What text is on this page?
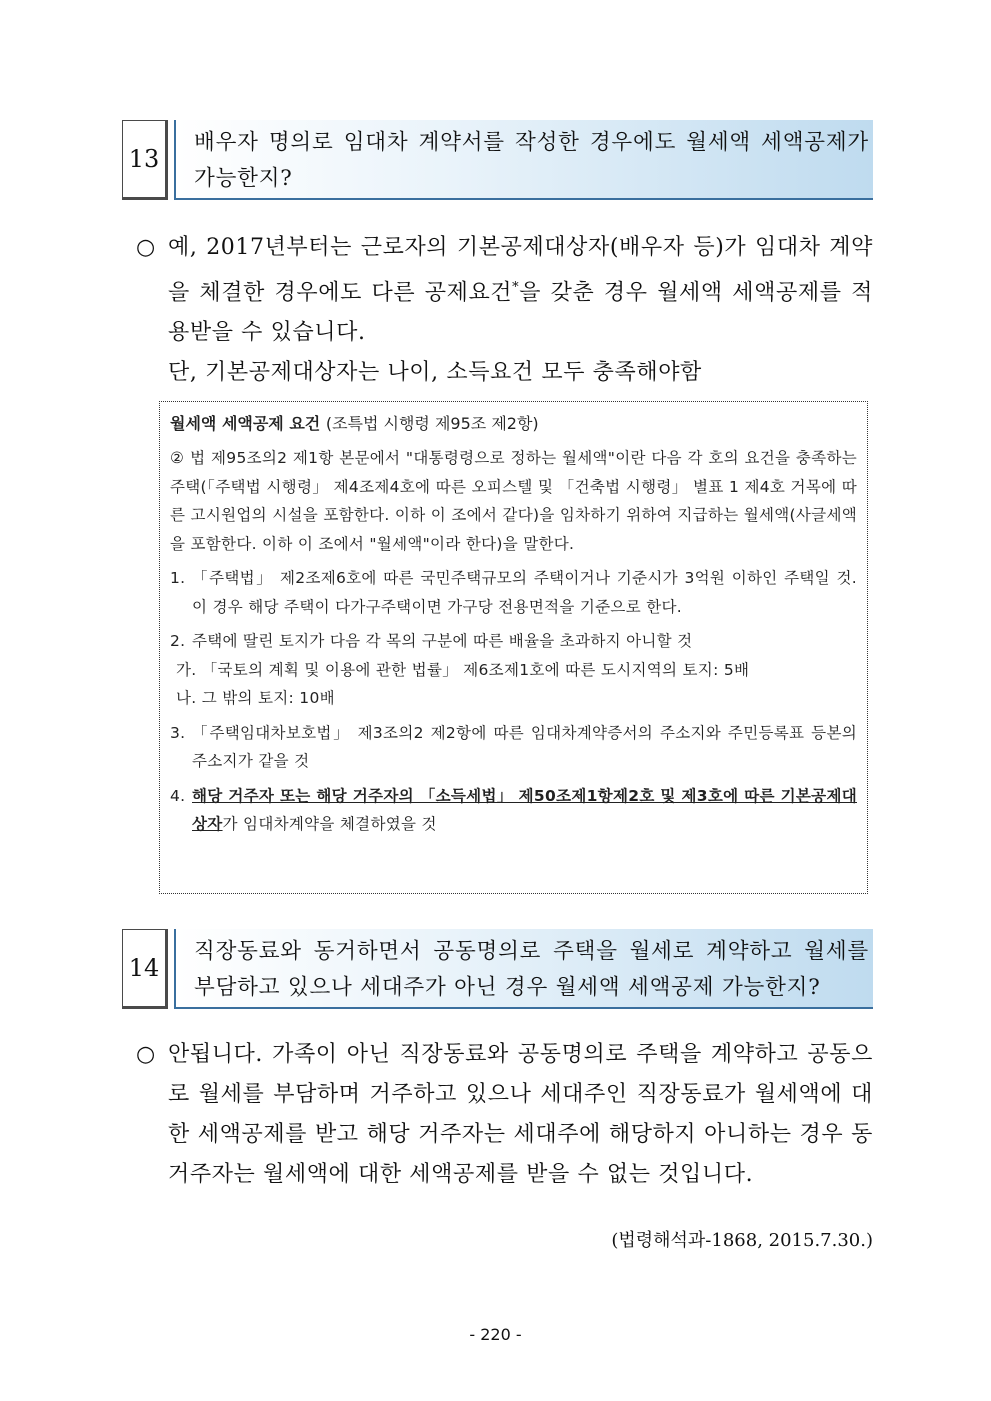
13
배우자 명의로 임대차 계약서를 작성한 경우에도 월세액 세액공제가 가능한지?
○ 예, 2017년부터는 근로자의 기본공제대상자(배우자 등)가 임대차 계약을 체결한 경우에도 다른 공제요건*을 갖춘 경우 월세액 세액공제를 적용받을 수 있습니다.
단, 기본공제대상자는 나이, 소득요건 모두 충족해야함
월세액 세액공제 요건 (조특법 시행령 제95조 제2항)

② 법 제95조의2 제1항 본문에서 "대통령령으로 정하는 월세액"이란 다음 각 호의 요건을 충족하는 주택(「주택법 시행령」 제4조제4호에 따른 오피스텔 및 「건축법 시행령」 별표 1 제4호 거목에 따른 고시원업의 시설을 포함한다. 이하 이 조에서 같다)을 임차하기 위하여 지급하는 월세액(사글세액을 포함한다. 이하 이 조에서 "월세액"이라 한다)을 말한다.

1. 「주택법」 제2조제6호에 따른 국민주택규모의 주택이거나 기준시가 3억원 이하인 주택일 것. 이 경우 해당 주택이 다가구주택이면 가구당 전용면적을 기준으로 한다.

2. 주택에 딸린 토지가 다음 각 목의 구분에 따른 배율을 초과하지 아니할 것

가. 「국토의 계획 및 이용에 관한 법률」 제6조제1호에 따른 도시지역의 토지: 5배

나. 그 밖의 토지: 10배

3. 「주택임대차보호법」 제3조의2 제2항에 따른 임대차계약증서의 주소지와 주민등록표 등본의 주소지가 같을 것

4. 해당 거주자 또는 해당 거주자의 「소득세법」 제50조제1항제2호 및 제3호에 따른 기본공제대상자가 임대차계약을 체결하였을 것

14
직장동료와 동거하면서 공동명의로 주택을 월세로 계약하고 월세를 부담하고 있으나 세대주가 아닌 경우 월세액 세액공제 가능한지?
○ 안됩니다. 가족이 아닌 직장동료와 공동명의로 주택을 계약하고 공동으로 월세를 부담하며 거주하고 있으나 세대주인 직장동료가 월세액에 대한 세액공제를 받고 해당 거주자는 세대주에 해당하지 아니하는 경우 동 거주자는 월세액에 대한 세액공제를 받을 수 없는 것입니다.
(법령해석과-1868, 2015.7.30.)
- 220 -
